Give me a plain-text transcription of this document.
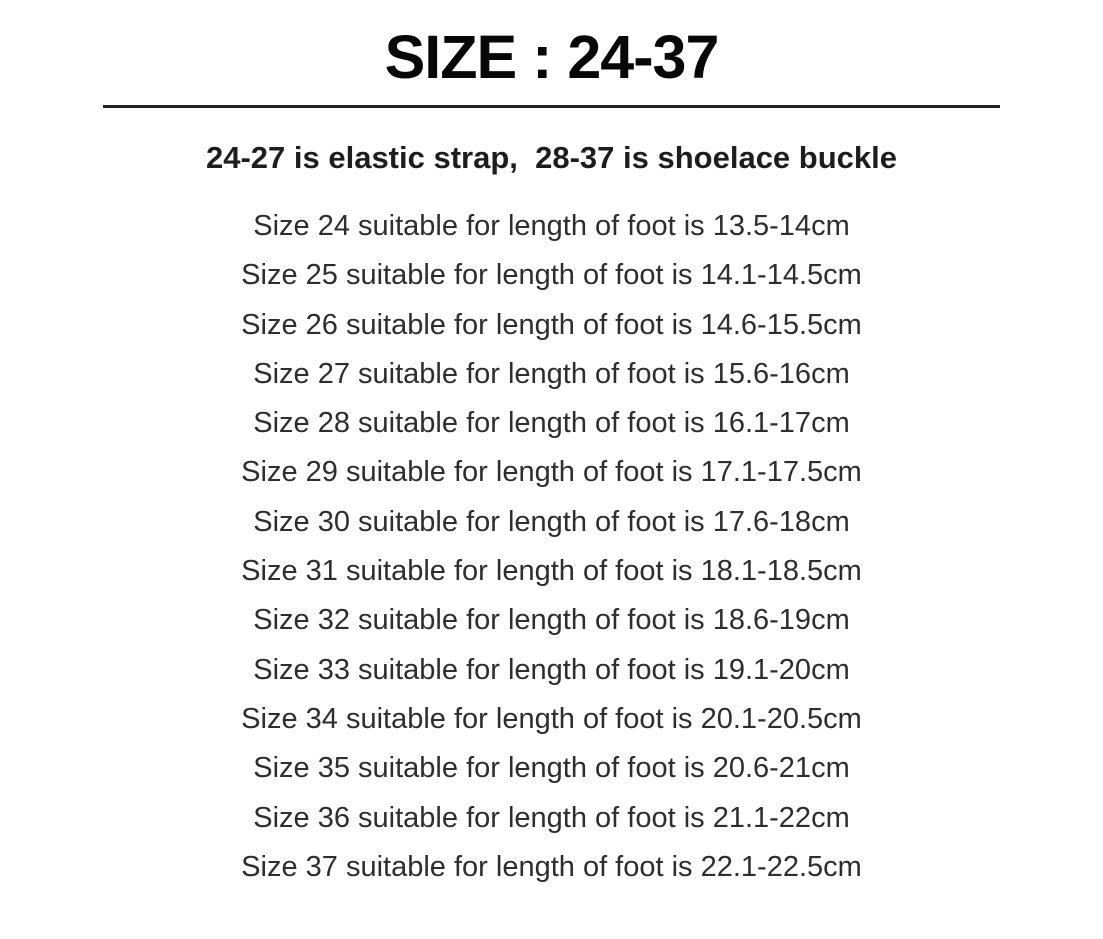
SIZE : 24-37
24-27 is elastic strap,  28-37 is shoelace buckle
Size 24 suitable for length of foot is 13.5-14cm
Size 25 suitable for length of foot is 14.1-14.5cm
Size 26 suitable for length of foot is 14.6-15.5cm
Size 27 suitable for length of foot is 15.6-16cm
Size 28 suitable for length of foot is 16.1-17cm
Size 29 suitable for length of foot is 17.1-17.5cm
Size 30 suitable for length of foot is 17.6-18cm
Size 31 suitable for length of foot is 18.1-18.5cm
Size 32 suitable for length of foot is 18.6-19cm
Size 33 suitable for length of foot is 19.1-20cm
Size 34 suitable for length of foot is 20.1-20.5cm
Size 35 suitable for length of foot is 20.6-21cm
Size 36 suitable for length of foot is 21.1-22cm
Size 37 suitable for length of foot is 22.1-22.5cm
